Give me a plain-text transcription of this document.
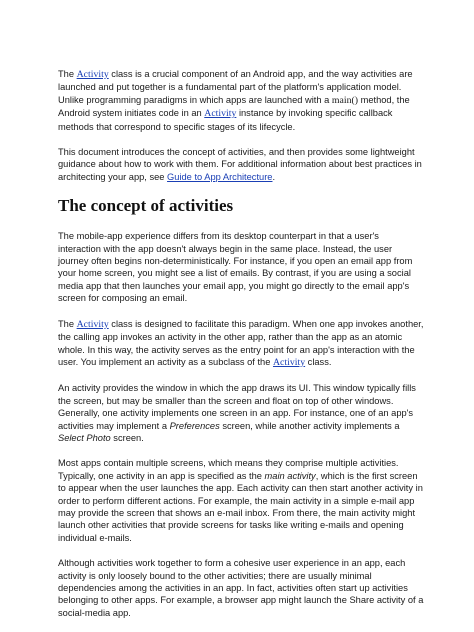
The Activity class is a crucial component of an Android app, and the way activities are launched and put together is a fundamental part of the platform's application model. Unlike programming paradigms in which apps are launched with a main() method, the Android system initiates code in an Activity instance by invoking specific callback methods that correspond to specific stages of its lifecycle.

This document introduces the concept of activities, and then provides some lightweight guidance about how to work with them. For additional information about best practices in architecting your app, see Guide to App Architecture.

The concept of activities

The mobile-app experience differs from its desktop counterpart in that a user's interaction with the app doesn't always begin in the same place. Instead, the user journey often begins non-deterministically. For instance, if you open an email app from your home screen, you might see a list of emails. By contrast, if you are using a social media app that then launches your email app, you might go directly to the email app's screen for composing an email.

The Activity class is designed to facilitate this paradigm. When one app invokes another, the calling app invokes an activity in the other app, rather than the app as an atomic whole. In this way, the activity serves as the entry point for an app's interaction with the user. You implement an activity as a subclass of the Activity class.

An activity provides the window in which the app draws its UI. This window typically fills the screen, but may be smaller than the screen and float on top of other windows. Generally, one activity implements one screen in an app. For instance, one of an app's activities may implement a Preferences screen, while another activity implements a Select Photo screen.

Most apps contain multiple screens, which means they comprise multiple activities. Typically, one activity in an app is specified as the main activity, which is the first screen to appear when the user launches the app. Each activity can then start another activity in order to perform different actions. For example, the main activity in a simple e-mail app may provide the screen that shows an e-mail inbox. From there, the main activity might launch other activities that provide screens for tasks like writing e-mails and opening individual e-mails.

Although activities work together to form a cohesive user experience in an app, each activity is only loosely bound to the other activities; there are usually minimal dependencies among the activities in an app. In fact, activities often start up activities belonging to other apps. For example, a browser app might launch the Share activity of a social-media app.
